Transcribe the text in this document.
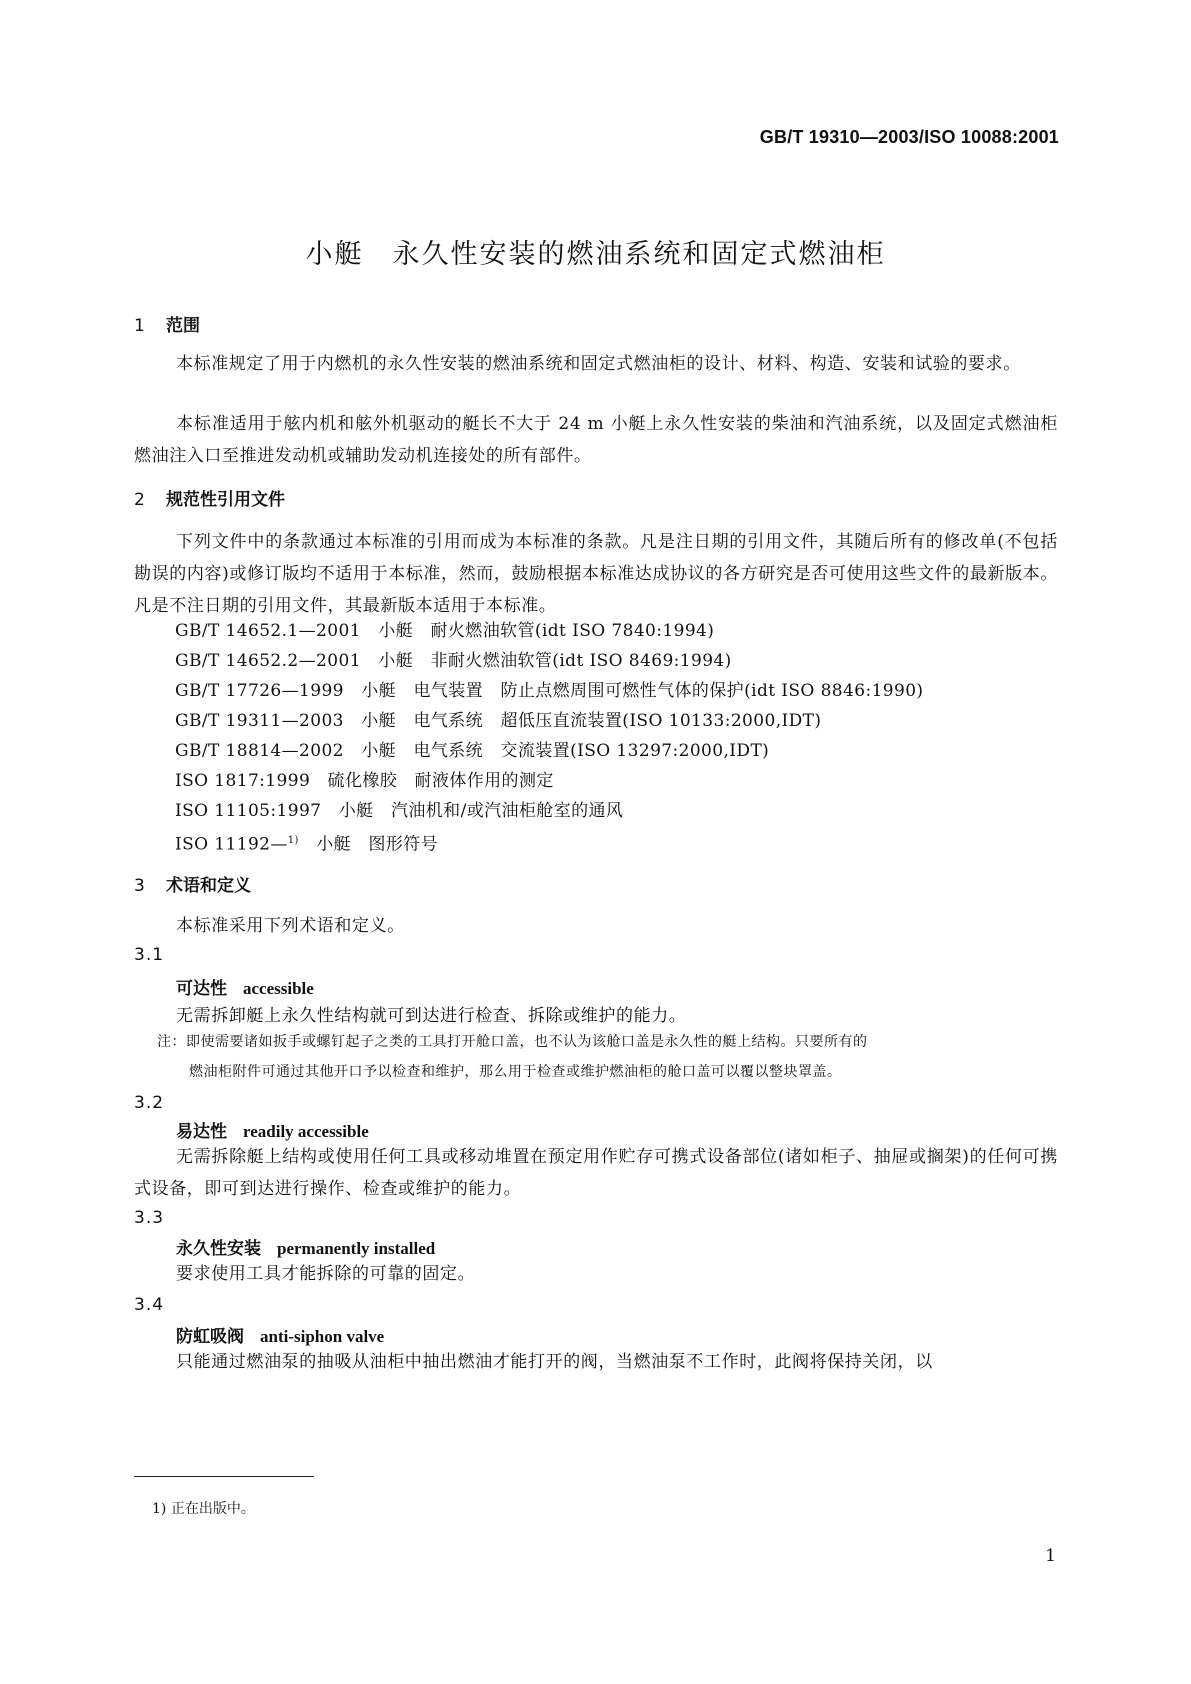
GB/T 19310—2003/ISO 10088:2001
小艇　永久性安装的燃油系统和固定式燃油柜
1 范围
本标准规定了用于内燃机的永久性安装的燃油系统和固定式燃油柜的设计、材料、构造、安装和试验的要求。
本标准适用于舷内机和舷外机驱动的艇长不大于 24 m 小艇上永久性安装的柴油和汽油系统，以及固定式燃油柜燃油注入口至推进发动机或辅助发动机连接处的所有部件。
2 规范性引用文件
下列文件中的条款通过本标准的引用而成为本标准的条款。凡是注日期的引用文件，其随后所有的修改单(不包括勘误的内容)或修订版均不适用于本标准，然而，鼓励根据本标准达成协议的各方研究是否可使用这些文件的最新版本。凡是不注日期的引用文件，其最新版本适用于本标准。
GB/T 14652.1—2001　小艇　耐火燃油软管(idt ISO 7840:1994)
GB/T 14652.2—2001　小艇　非耐火燃油软管(idt ISO 8469:1994)
GB/T 17726—1999　小艇　电气装置　防止点燃周围可燃性气体的保护(idt ISO 8846:1990)
GB/T 19311—2003　小艇　电气系统　超低压直流装置(ISO 10133:2000,IDT)
GB/T 18814—2002　小艇　电气系统　交流装置(ISO 13297:2000,IDT)
ISO 1817:1999　硫化橡胶　耐液体作用的测定
ISO 11105:1997　小艇　汽油机和/或汽油柜舱室的通风
ISO 11192—$^{1)}$　小艇　图形符号
3 术语和定义
本标准采用下列术语和定义。
3.1
可达性 accessible
无需拆卸艇上永久性结构就可到达进行检查、拆除或维护的能力。
注：即使需要诸如扳手或螺钉起子之类的工具打开舱口盖，也不认为该舱口盖是永久性的艇上结构。只要所有的
燃油柜附件可通过其他开口予以检查和维护，那么用于检查或维护燃油柜的舱口盖可以覆以整块罩盖。
3.2
易达性 readily accessible
无需拆除艇上结构或使用任何工具或移动堆置在预定用作贮存可携式设备部位(诸如柜子、抽屉或搁架)的任何可携式设备，即可到达进行操作、检查或维护的能力。
3.3
永久性安装 permanently installed
要求使用工具才能拆除的可靠的固定。
3.4
防虹吸阀 anti-siphon valve
只能通过燃油泵的抽吸从油柜中抽出燃油才能打开的阀，当燃油泵不工作时，此阀将保持关闭，以
1) 正在出版中。
1
